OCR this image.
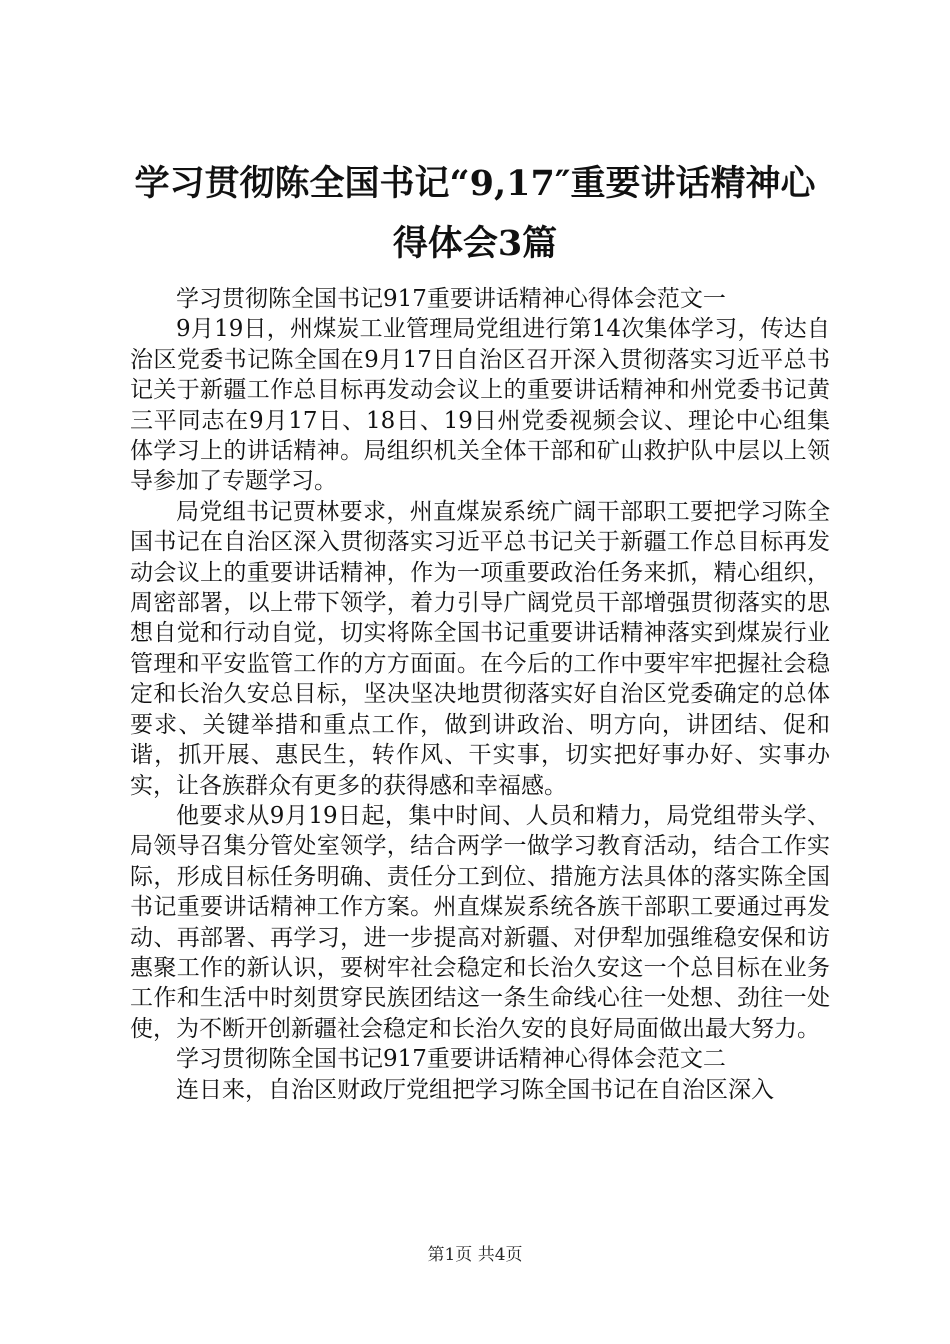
学习贯彻陈全国书记“9,17″重要讲话精神心
得体会3篇

学习贯彻陈全国书记917重要讲话精神心得体会范文一

9月19日，州煤炭工业管理局党组进行第14次集体学习，传达自治区党委书记陈全国在9月17日自治区召开深入贯彻落实习近平总书记关于新疆工作总目标再发动会议上的重要讲话精神和州党委书记黄三平同志在9月17日、18日、19日州党委视频会议、理论中心组集体学习上的讲话精神。局组织机关全体干部和矿山救护队中层以上领导参加了专题学习。

局党组书记贾林要求，州直煤炭系统广阔干部职工要把学习陈全国书记在自治区深入贯彻落实习近平总书记关于新疆工作总目标再发动会议上的重要讲话精神，作为一项重要政治任务来抓，精心组织，周密部署，以上带下领学，着力引导广阔党员干部增强贯彻落实的思想自觉和行动自觉，切实将陈全国书记重要讲话精神落实到煤炭行业管理和平安监管工作的方方面面。在今后的工作中要牢牢把握社会稳定和长治久安总目标，坚决坚决地贯彻落实好自治区党委确定的总体要求、关键举措和重点工作，做到讲政治、明方向，讲团结、促和谐，抓开展、惠民生，转作风、干实事，切实把好事办好、实事办实，让各族群众有更多的获得感和幸福感。

他要求从9月19日起，集中时间、人员和精力，局党组带头学、局领导召集分管处室领学，结合两学一做学习教育活动，结合工作实际，形成目标任务明确、责任分工到位、措施方法具体的落实陈全国书记重要讲话精神工作方案。州直煤炭系统各族干部职工要通过再发动、再部署、再学习，进一步提高对新疆、对伊犁加强维稳安保和访惠聚工作的新认识，要树牢社会稳定和长治久安这一个总目标在业务工作和生活中时刻贯穿民族团结这一条生命线心往一处想、劲往一处使，为不断开创新疆社会稳定和长治久安的良好局面做出最大努力。

学习贯彻陈全国书记917重要讲话精神心得体会范文二

连日来，自治区财政厅党组把学习陈全国书记在自治区深入

第1页 共4页
